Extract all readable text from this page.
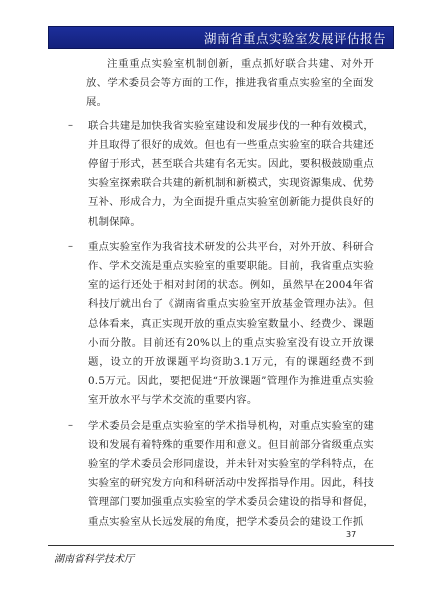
湖南省重点实验室发展评估报告

注重重点实验室机制创新，重点抓好联合共建、对外开放、学术委员会等方面的工作，推进我省重点实验室的全面发展。

– 联合共建是加快我省实验室建设和发展步伐的一种有效模式，并且取得了很好的成效。但也有一些重点实验室的联合共建还停留于形式，甚至联合共建有名无实。因此，要积极鼓励重点实验室探索联合共建的新机制和新模式，实现资源集成、优势互补、形成合力，为全面提升重点实验室创新能力提供良好的机制保障。
– 重点实验室作为我省技术研发的公共平台，对外开放、科研合作、学术交流是重点实验室的重要职能。目前，我省重点实验室的运行还处于相对封闭的状态。例如，虽然早在2004年省科技厅就出台了《湖南省重点实验室开放基金管理办法》。但总体看来，真正实现开放的重点实验室数量小、经费少、课题小而分散。目前还有20%以上的重点实验室没有设立开放课题，设立的开放课题平均资助3.1万元，有的课题经费不到0.5万元。因此，要把促进“开放课题”管理作为推进重点实验室开放水平与学术交流的重要内容。
– 学术委员会是重点实验室的学术指导机构，对重点实验室的建设和发展有着特殊的重要作用和意义。但目前部分省级重点实验室的学术委员会形同虚设，并未针对实验室的学科特点，在实验室的研究发方向和科研活动中发挥指导作用。因此，科技管理部门要加强重点实验室的学术委员会建设的指导和督促，重点实验室从长远发展的角度，把学术委员会的建设工作抓
37
湖南省科学技术厅
